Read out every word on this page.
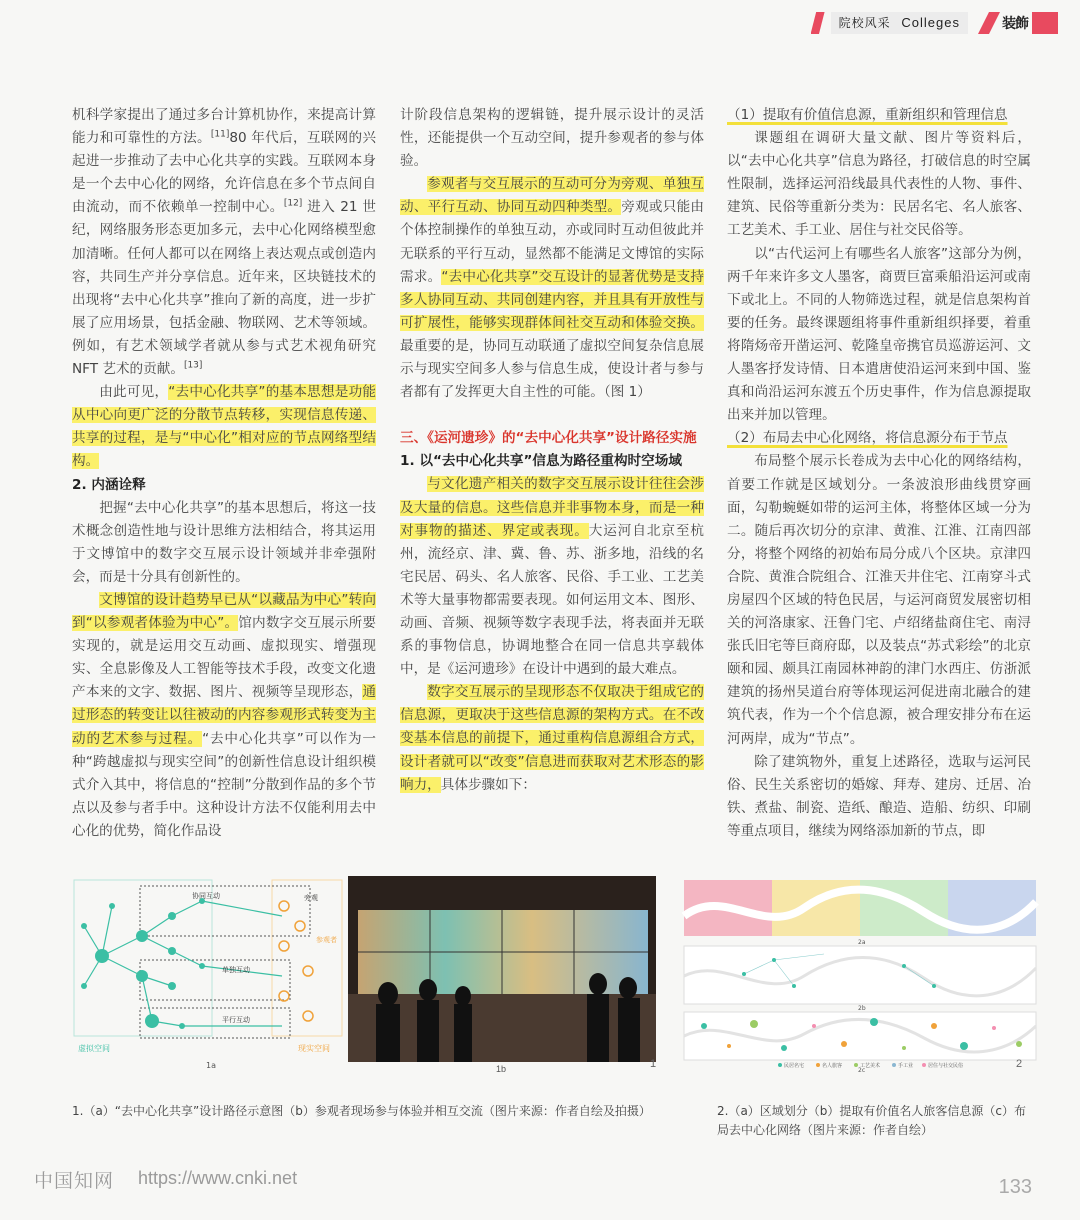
院校风采 Colleges	装飾

机科学家提出了通过多台计算机协作，来提高计算能力和可靠性的方法。[11]80 年代后，互联网的兴起进一步推动了去中心化共享的实践。互联网本身是一个去中心化的网络，允许信息在多个节点间自由流动，而不依赖单一控制中心。[12] 进入 21 世纪，网络服务形态更加多元，去中心化网络模型愈加清晰。任何人都可以在网络上表达观点或创造内容，共同生产并分享信息。近年来，区块链技术的出现将“去中心化共享”推向了新的高度，进一步扩展了应用场景，包括金融、物联网、艺术等领域。例如，有艺术领域学者就从参与式艺术视角研究 NFT 艺术的贡献。[13]

由此可见，“去中心化共享”的基本思想是功能从中心向更广泛的分散节点转移，实现信息传递、共享的过程，是与“中心化”相对应的节点网络型结构。

2. 内涵诠释

把握“去中心化共享”的基本思想后，将这一技术概念创造性地与设计思维方法相结合，将其运用于文博馆中的数字交互展示设计领域并非牵强附会，而是十分具有创新性的。

文博馆的设计趋势早已从“以藏品为中心”转向到“以参观者体验为中心”。馆内数字交互展示所要实现的，就是运用交互动画、虚拟现实、增强现实、全息影像及人工智能等技术手段，改变文化遗产本来的文字、数据、图片、视频等呈现形态，通过形态的转变让以往被动的内容参观形式转变为主动的艺术参与过程。“去中心化共享”可以作为一种“跨越虚拟与现实空间”的创新性信息设计组织模式介入其中，将信息的“控制”分散到作品的多个节点以及参与者手中。这种设计方法不仅能利用去中心化的优势，简化作品设

计阶段信息架构的逻辑链，提升展示设计的灵活性，还能提供一个互动空间，提升参观者的参与体验。

参观者与交互展示的互动可分为旁观、单独互动、平行互动、协同互动四种类型。旁观或只能由个体控制操作的单独互动，亦或同时互动但彼此并无联系的平行互动，显然都不能满足文博馆的实际需求。“去中心化共享”交互设计的显著优势是支持多人协同互动、共同创建内容，并且具有开放性与可扩展性，能够实现群体间社交互动和体验交换。最重要的是，协同互动联通了虚拟空间复杂信息展示与现实空间多人参与信息生成，使设计者与参与者都有了发挥更大自主性的可能。（图 1）

三、《运河遗珍》的“去中心化共享”设计路径实施

1. 以“去中心化共享”信息为路径重构时空场域

与文化遗产相关的数字交互展示设计往往会涉及大量的信息。这些信息并非事物本身，而是一种对事物的描述、界定或表现。大运河自北京至杭州，流经京、津、冀、鲁、苏、浙多地，沿线的名宅民居、码头、名人旅客、民俗、手工业、工艺美术等大量事物都需要表现。如何运用文本、图形、动画、音频、视频等数字表现手法，将表面并无联系的事物信息，协调地整合在同一信息共享载体中，是《运河遗珍》在设计中遇到的最大难点。

数字交互展示的呈现形态不仅取决于组成它的信息源，更取决于这些信息源的架构方式。在不改变基本信息的前提下，通过重构信息源组合方式，设计者就可以“改变”信息进而获取对艺术形态的影响力，具体步骤如下：

（1）提取有价值信息源，重新组织和管理信息

课题组在调研大量文献、图片等资料后，以“去中心化共享”信息为路径，打破信息的时空属性限制，选择运河沿线最具代表性的人物、事件、建筑、民俗等重新分类为：民居名宅、名人旅客、工艺美术、手工业、居住与社交民俗等。

以“古代运河上有哪些名人旅客”这部分为例，两千年来许多文人墨客，商贾巨富乘船沿运河或南下或北上。不同的人物筛选过程，就是信息架构首要的任务。最终课题组将事件重新组织择要，着重将隋炀帝开凿运河、乾隆皇帝携官员巡游运河、文人墨客抒发诗情、日本遣唐使沿运河来到中国、鉴真和尚沿运河东渡五个历史事件，作为信息源提取出来并加以管理。

（2）布局去中心化网络，将信息源分布于节点

布局整个展示长卷成为去中心化的网络结构，首要工作就是区域划分。一条波浪形曲线贯穿画面，勾勒蜿蜒如带的运河主体，将整体区域一分为二。随后再次切分的京津、黄淮、江淮、江南四部分，将整个网络的初始布局分成八个区块。京津四合院、黄淮合院组合、江淮天井住宅、江南穿斗式房屋四个区域的特色民居，与运河商贸发展密切相关的河洛康家、汪鲁门宅、卢绍绪盐商住宅、南浔张氏旧宅等巨商府邸，以及装点“苏式彩绘”的北京颐和园、颇具江南园林神韵的津门水西庄、仿浙派建筑的扬州吴道台府等体现运河促进南北融合的建筑代表，作为一个个信息源，被合理安排分布在运河两岸，成为“节点”。

除了建筑物外，重复上述路径，选取与运河民俗、民生关系密切的婚嫁、拜寿、建房、迁居、冶铁、煮盐、制瓷、造纸、酿造、造船、纺织、印刷等重点项目，继续为网络添加新的节点，即

虚拟空间	现实空间
协同互动
单独互动
平行互动
旁观
参观者
1a	1b	1
2a
2b
民居名宅	名人旅客	工艺美术	手工业	居住与社交民俗
2c
2

1.（a）“去中心化共享”设计路径示意图（b）参观者现场参与体验并相互交流（图片来源：作者自绘及拍摄）	2.（a）区域划分（b）提取有价值名人旅客信息源（c）布局去中心化网络（图片来源：作者自绘）

中国知网 https://www.cnki.net	133
